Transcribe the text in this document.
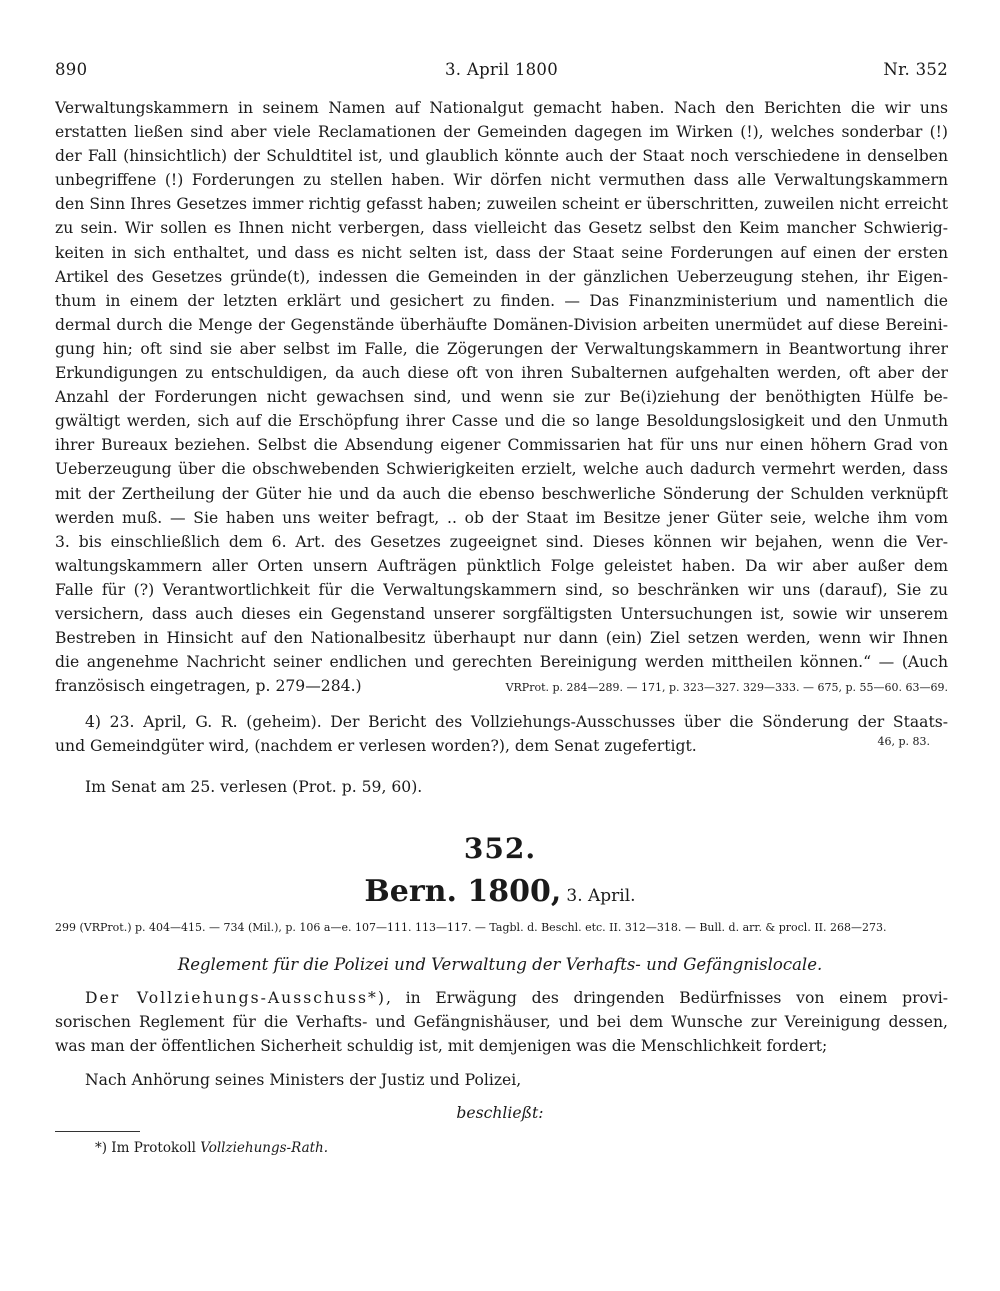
890	3. April 1800	Nr. 352
Verwaltungskammern in seinem Namen auf Nationalgut gemacht haben. Nach den Berichten die wir uns
erstatten ließen sind aber viele Reclamationen der Gemeinden dagegen im Wirken (!), welches sonderbar (!)
der Fall (hinsichtlich) der Schuldtitel ist, und glaublich könnte auch der Staat noch verschiedene in denselben
unbegriffene (!) Forderungen zu stellen haben. Wir dörfen nicht vermuthen dass alle Verwaltungskammern
den Sinn Ihres Gesetzes immer richtig gefasst haben; zuweilen scheint er überschritten, zuweilen nicht erreicht
zu sein. Wir sollen es Ihnen nicht verbergen, dass vielleicht das Gesetz selbst den Keim mancher Schwierig-
keiten in sich enthaltet, und dass es nicht selten ist, dass der Staat seine Forderungen auf einen der ersten
Artikel des Gesetzes gründe(t), indessen die Gemeinden in der gänzlichen Ueberzeugung stehen, ihr Eigen-
thum in einem der letzten erklärt und gesichert zu finden. — Das Finanzministerium und namentlich die
dermal durch die Menge der Gegenstände überhäufte Domänen-Division arbeiten unermüdet auf diese Bereini-
gung hin; oft sind sie aber selbst im Falle, die Zögerungen der Verwaltungskammern in Beantwortung ihrer
Erkundigungen zu entschuldigen, da auch diese oft von ihren Subalternen aufgehalten werden, oft aber der
Anzahl der Forderungen nicht gewachsen sind, und wenn sie zur Be(i)ziehung der benöthigten Hülfe be-
gwältigt werden, sich auf die Erschöpfung ihrer Casse und die so lange Besoldungslosigkeit und den Unmuth
ihrer Bureaux beziehen. Selbst die Absendung eigener Commissarien hat für uns nur einen höhern Grad von
Ueberzeugung über die obschwebenden Schwierigkeiten erzielt, welche auch dadurch vermehrt werden, dass
mit der Zertheilung der Güter hie und da auch die ebenso beschwerliche Sönderung der Schulden verknüpft
werden muß. — Sie haben uns weiter befragt, .. ob der Staat im Besitze jener Güter seie, welche ihm vom
3. bis einschließlich dem 6. Art. des Gesetzes zugeeignet sind. Dieses können wir bejahen, wenn die Ver-
waltungskammern aller Orten unsern Aufträgen pünktlich Folge geleistet haben. Da wir aber außer dem
Falle für (?) Verantwortlichkeit für die Verwaltungskammern sind, so beschränken wir uns (darauf), Sie zu
versichern, dass auch dieses ein Gegenstand unserer sorgfältigsten Untersuchungen ist, sowie wir unserem
Bestreben in Hinsicht auf den Nationalbesitz überhaupt nur dann (ein) Ziel setzen werden, wenn wir Ihnen
die angenehme Nachricht seiner endlichen und gerechten Bereinigung werden mittheilen können.“ — (Auch
französisch eingetragen, p. 279—284.)	VRProt. p. 284—289. — 171, p. 323—327. 329—333. — 675, p. 55—60. 63—69.
4) 23. April, G. R. (geheim). Der Bericht des Vollziehungs-Ausschusses über die Sönderung der Staats-
und Gemeindgüter wird, (nachdem er verlesen worden?), dem Senat zugefertigt.	46, p. 83.
Im Senat am 25. verlesen (Prot. p. 59, 60).
352.
Bern. 1800, 3. April.
299 (VRProt.) p. 404—415. — 734 (Mil.), p. 106 a—e. 107—111. 113—117. — Tagbl. d. Beschl. etc. II. 312—318. — Bull. d. arr. & procl. II. 268—273.
Reglement für die Polizei und Verwaltung der Verhafts- und Gefängnislocale.
Der Vollziehungs-Ausschuss*), in Erwägung des dringenden Bedürfnisses von einem provi-
sorischen Reglement für die Verhafts- und Gefängnishäuser, und bei dem Wunsche zur Vereinigung dessen,
was man der öffentlichen Sicherheit schuldig ist, mit demjenigen was die Menschlichkeit fordert;
Nach Anhörung seines Ministers der Justiz und Polizei,
beschließt:
*) Im Protokoll Vollziehungs-Rath.
